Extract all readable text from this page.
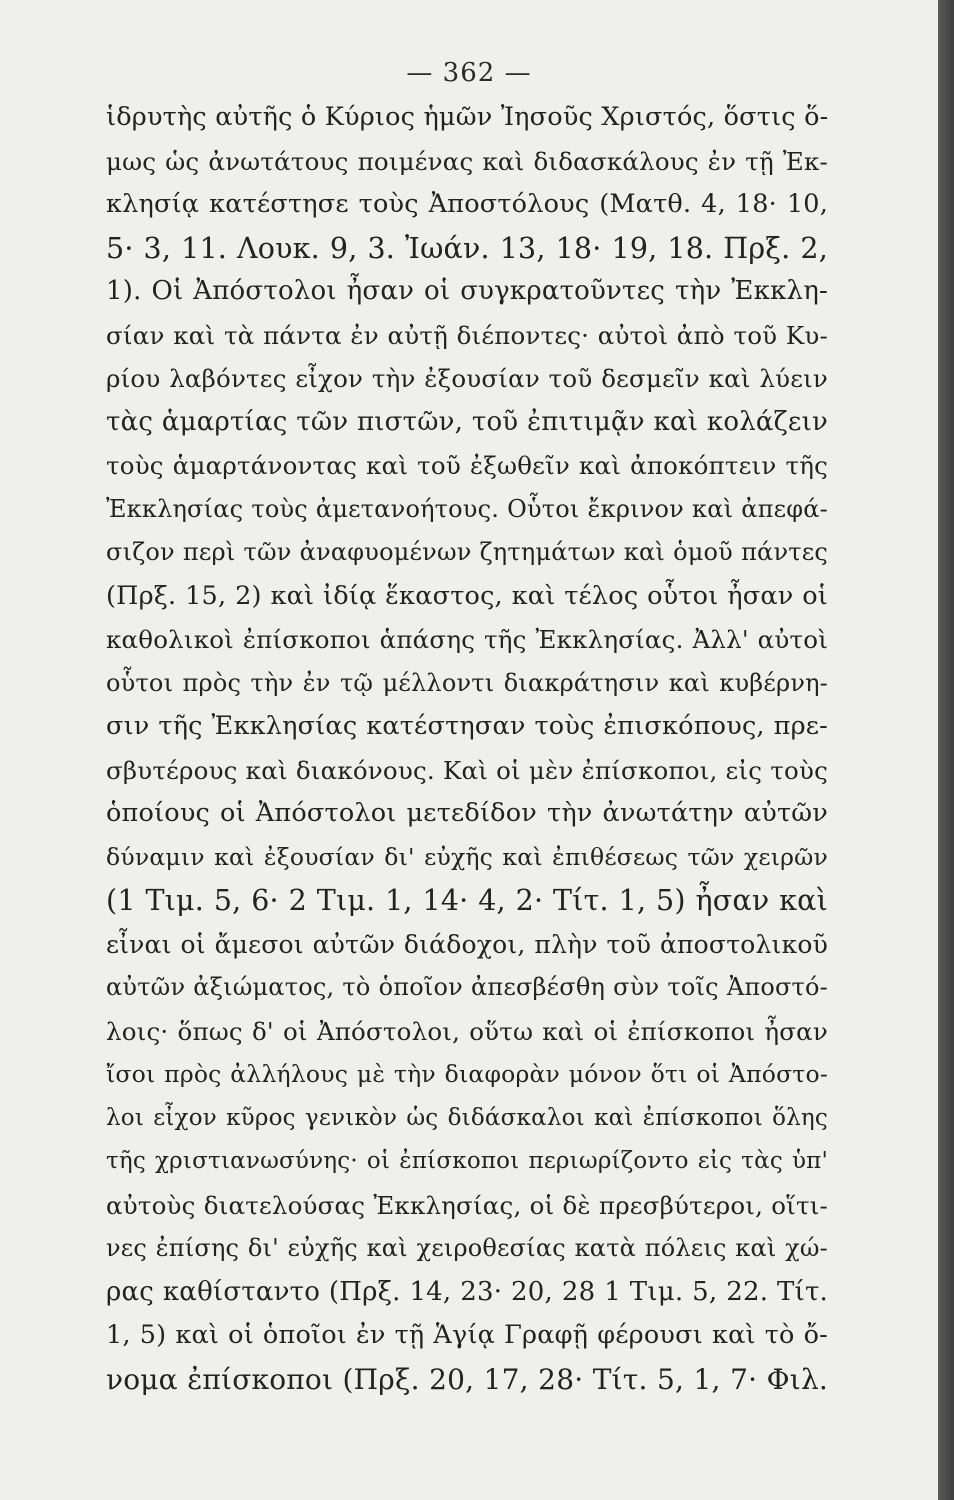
— 362 —
ἱδρυτὴς αὐτῆς ὁ Κύριος ἡμῶν Ἰησοῦς Χριστός, ὅστις ὅ-
μως ὡς ἀνωτάτους ποιμένας καὶ διδασκάλους ἐν τῇ Ἐκ-
κλησίᾳ κατέστησε τοὺς Ἀποστόλους (Ματθ. 4, 18· 10,
5· 3, 11. Λουκ. 9, 3. Ἰωάν. 13, 18· 19, 18. Πρξ. 2,
1). Οἱ Ἀπόστολοι ἦσαν οἱ συγκρατοῦντες τὴν Ἐκκλη-
σίαν καὶ τὰ πάντα ἐν αὐτῇ διέποντες· αὐτοὶ ἀπὸ τοῦ Κυ-
ρίου λαβόντες εἶχον τὴν ἐξουσίαν τοῦ δεσμεῖν καὶ λύειν
τὰς ἁμαρτίας τῶν πιστῶν, τοῦ ἐπιτιμᾷν καὶ κολάζειν
τοὺς ἁμαρτάνοντας καὶ τοῦ ἐξωθεῖν καὶ ἀποκόπτειν τῆς
Ἐκκλησίας τοὺς ἀμετανοήτους. Οὗτοι ἔκρινον καὶ ἀπεφά-
σιζον περὶ τῶν ἀναφυομένων ζητημάτων καὶ ὁμοῦ πάντες
(Πρξ. 15, 2) καὶ ἰδίᾳ ἕκαστος, καὶ τέλος οὗτοι ἦσαν οἱ
καθολικοὶ ἐπίσκοποι ἁπάσης τῆς Ἐκκλησίας. Ἀλλ' αὐτοὶ
οὗτοι πρὸς τὴν ἐν τῷ μέλλοντι διακράτησιν καὶ κυβέρνη-
σιν τῆς Ἐκκλησίας κατέστησαν τοὺς ἐπισκόπους, πρε-
σβυτέρους καὶ διακόνους. Καὶ οἱ μὲν ἐπίσκοποι, εἰς τοὺς
ὁποίους οἱ Ἀπόστολοι μετεδίδον τὴν ἀνωτάτην αὐτῶν
δύναμιν καὶ ἐξουσίαν δι' εὐχῆς καὶ ἐπιθέσεως τῶν χειρῶν
(1 Τιμ. 5, 6· 2 Τιμ. 1, 14· 4, 2· Τίτ. 1, 5) ἦσαν καὶ
εἶναι οἱ ἄμεσοι αὐτῶν διάδοχοι, πλὴν τοῦ ἀποστολικοῦ
αὐτῶν ἀξιώματος, τὸ ὁποῖον ἀπεσβέσθη σὺν τοῖς Ἀποστό-
λοις· ὅπως δ' οἱ Ἀπόστολοι, οὕτω καὶ οἱ ἐπίσκοποι ἦσαν
ἴσοι πρὸς ἀλλήλους μὲ τὴν διαφορὰν μόνον ὅτι οἱ Ἀπόστο-
λοι εἶχον κῦρος γενικὸν ὡς διδάσκαλοι καὶ ἐπίσκοποι ὅλης
τῆς χριστιανωσύνης· οἱ ἐπίσκοποι περιωρίζοντο εἰς τὰς ὑπ'
αὐτοὺς διατελούσας Ἐκκλησίας, οἱ δὲ πρεσβύτεροι, οἵτι-
νες ἐπίσης δι' εὐχῆς καὶ χειροθεσίας κατὰ πόλεις καὶ χώ-
ρας καθίσταντο (Πρξ. 14, 23· 20, 28 1 Τιμ. 5, 22. Τίτ.
1, 5) καὶ οἱ ὁποῖοι ἐν τῇ Ἁγίᾳ Γραφῇ φέρουσι καὶ τὸ ὄ-
νομα ἐπίσκοποι (Πρξ. 20, 17, 28· Τίτ. 5, 1, 7· Φιλ.
